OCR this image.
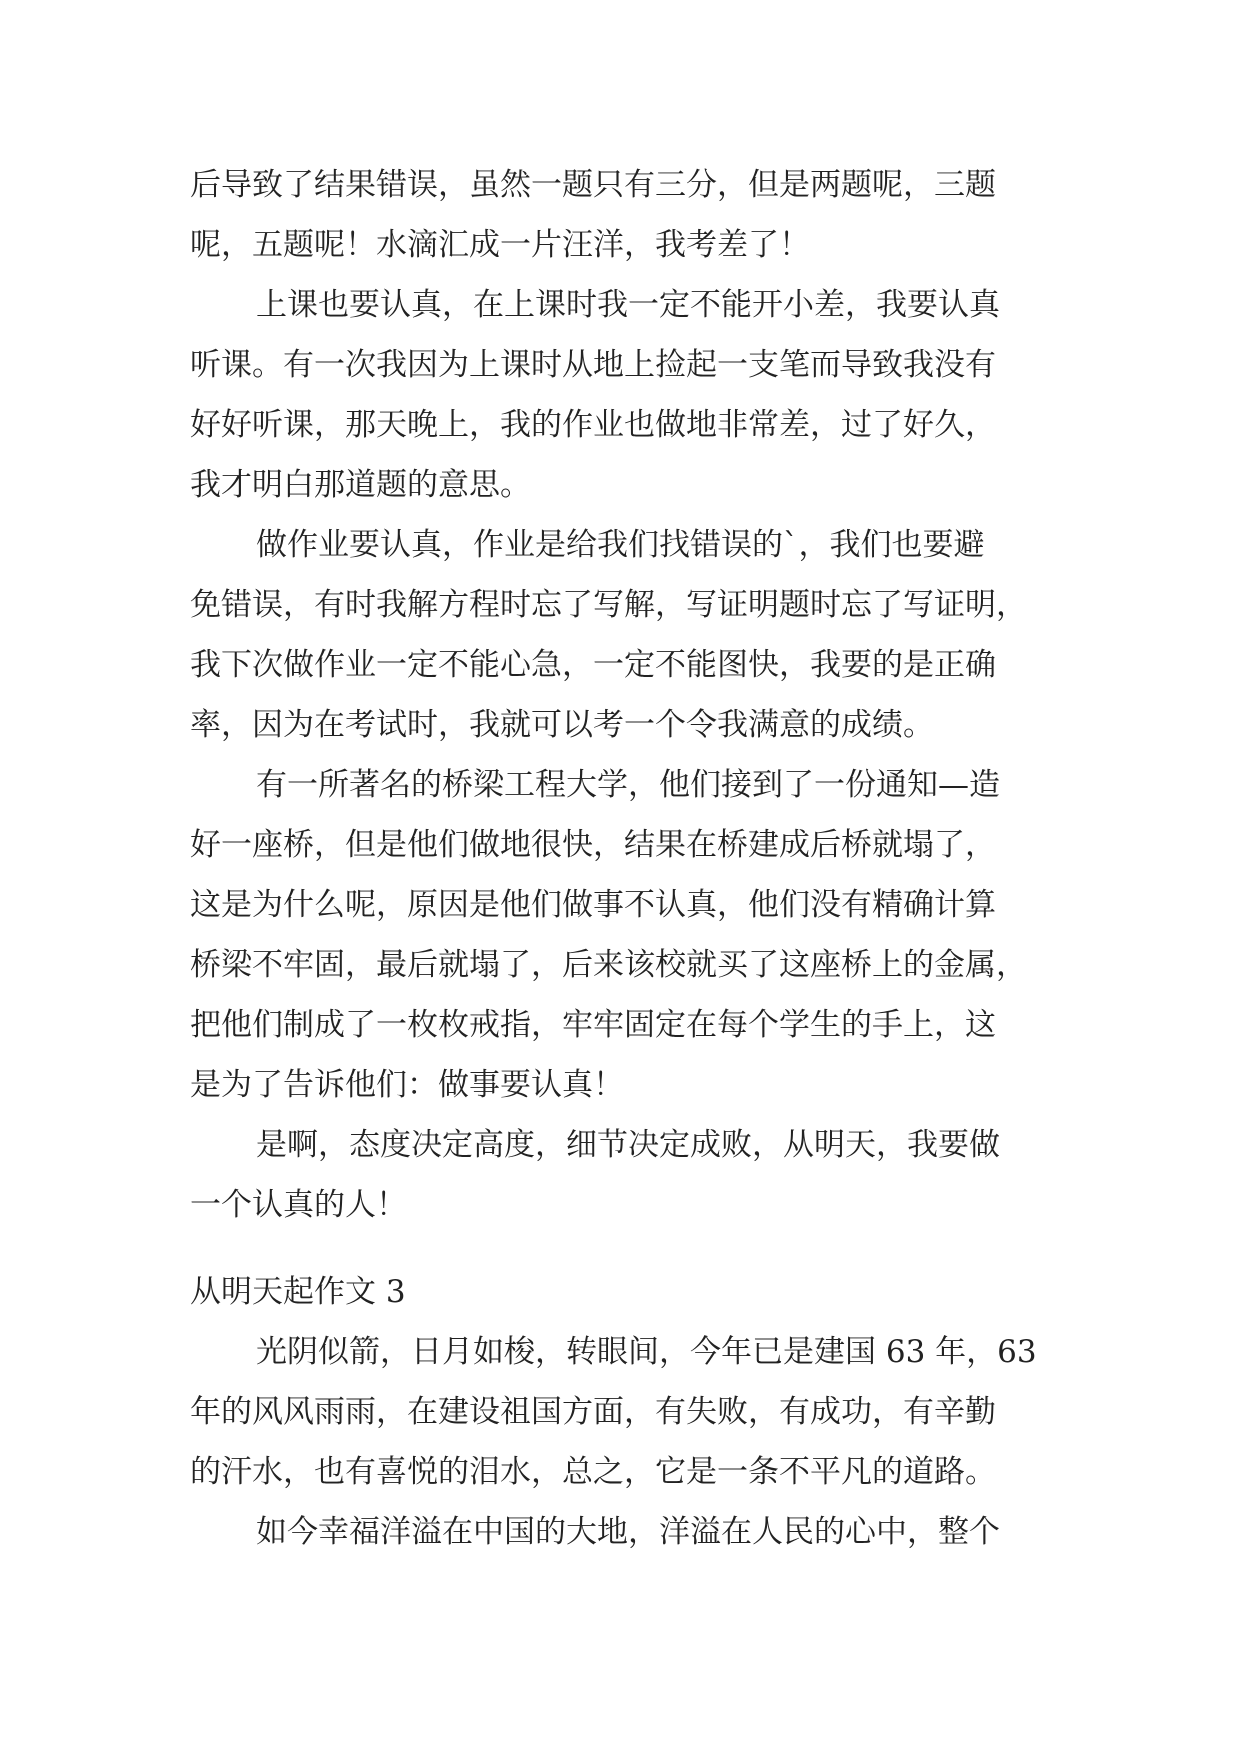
后导致了结果错误，虽然一题只有三分，但是两题呢，三题
呢，五题呢！水滴汇成一片汪洋，我考差了！
上课也要认真，在上课时我一定不能开小差，我要认真
听课。有一次我因为上课时从地上捡起一支笔而导致我没有
好好听课，那天晚上，我的作业也做地非常差，过了好久，
我才明白那道题的意思。
做作业要认真，作业是给我们找错误的`，我们也要避
免错误，有时我解方程时忘了写解，写证明题时忘了写证明，
我下次做作业一定不能心急，一定不能图快，我要的是正确
率，因为在考试时，我就可以考一个令我满意的成绩。
有一所著名的桥梁工程大学，他们接到了一份通知—造
好一座桥，但是他们做地很快，结果在桥建成后桥就塌了，
这是为什么呢，原因是他们做事不认真，他们没有精确计算
桥梁不牢固，最后就塌了，后来该校就买了这座桥上的金属，
把他们制成了一枚枚戒指，牢牢固定在每个学生的手上，这
是为了告诉他们：做事要认真！
是啊，态度决定高度，细节决定成败，从明天，我要做
一个认真的人！
从明天起作文 3
光阴似箭，日月如梭，转眼间，今年已是建国 63 年，63
年的风风雨雨，在建设祖国方面，有失败，有成功，有辛勤
的汗水，也有喜悦的泪水，总之，它是一条不平凡的道路。
如今幸福洋溢在中国的大地，洋溢在人民的心中，整个
